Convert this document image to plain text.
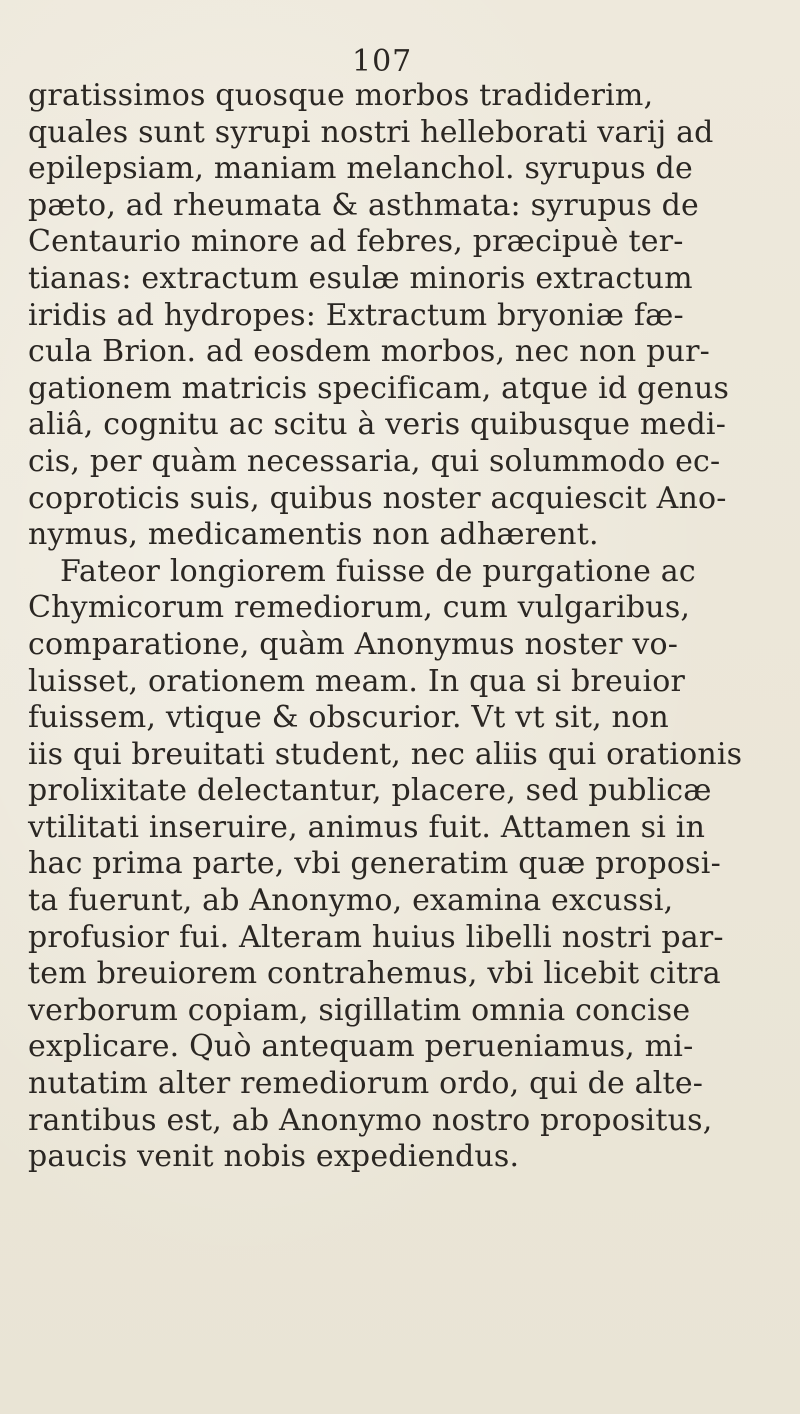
107
gratissimos quosque morbos tradiderim,
quales sunt syrupi nostri helleborati varij ad
epilepsiam, maniam melanchol. syrupus de
pæto, ad rheumata & asthmata: syrupus de
Centaurio minore ad febres, præcipuè ter-
tianas: extractum esulæ minoris extractum
iridis ad hydropes: Extractum bryoniæ fæ-
cula Brion. ad eosdem morbos, nec non pur-
gationem matricis specificam, atque id genus
aliâ, cognitu ac scitu à veris quibusque medi-
cis, per quàm necessaria, qui solummodo ec-
coproticis suis, quibus noster acquiescit Ano-
nymus, medicamentis non adhærent.
Fateor longiorem fuisse de purgatione ac
Chymicorum remediorum, cum vulgaribus,
comparatione, quàm Anonymus noster vo-
luisset, orationem meam. In qua si breuior
fuissem, vtique & obscurior. Vt vt sit, non
iis qui breuitati student, nec aliis qui orationis
prolixitate delectantur, placere, sed publicæ
vtilitati inseruire, animus fuit. Attamen si in
hac prima parte, vbi generatim quæ proposi-
ta fuerunt, ab Anonymo, examina excussi,
profusior fui. Alteram huius libelli nostri par-
tem breuiorem contrahemus, vbi licebit citra
verborum copiam, sigillatim omnia concise
explicare. Quò antequam perueniamus, mi-
nutatim alter remediorum ordo, qui de alte-
rantibus est, ab Anonymo nostro propositus,
paucis venit nobis expediendus.
